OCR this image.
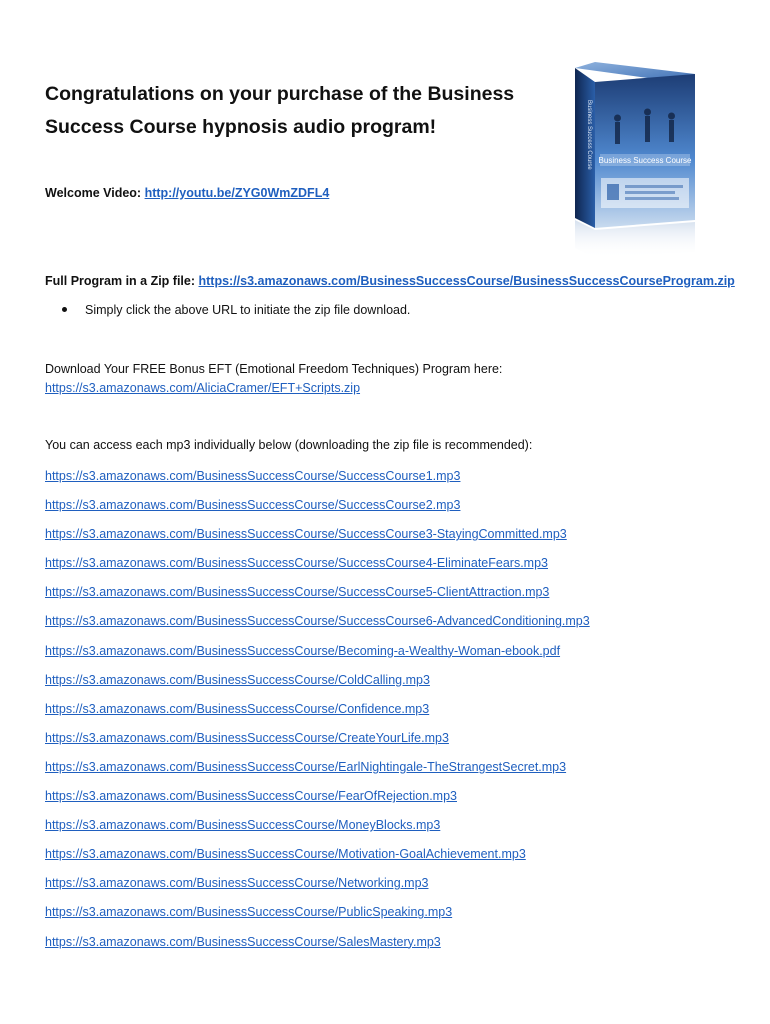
Congratulations on your purchase of the Business
Success Course hypnosis audio program!
Business Success Course
Business Success Course
Welcome Video: http://youtu.be/ZYG0WmZDFL4
Full Program in a Zip file: https://s3.amazonaws.com/BusinessSuccessCourse/BusinessSuccessCourseProgram.zip
Simply click the above URL to initiate the zip file download.
Download Your FREE Bonus EFT (Emotional Freedom Techniques) Program here:
https://s3.amazonaws.com/AliciaCramer/EFT+Scripts.zip
You can access each mp3 individually below (downloading the zip file is recommended):
https://s3.amazonaws.com/BusinessSuccessCourse/SuccessCourse1.mp3
https://s3.amazonaws.com/BusinessSuccessCourse/SuccessCourse2.mp3
https://s3.amazonaws.com/BusinessSuccessCourse/SuccessCourse3-StayingCommitted.mp3
https://s3.amazonaws.com/BusinessSuccessCourse/SuccessCourse4-EliminateFears.mp3
https://s3.amazonaws.com/BusinessSuccessCourse/SuccessCourse5-ClientAttraction.mp3
https://s3.amazonaws.com/BusinessSuccessCourse/SuccessCourse6-AdvancedConditioning.mp3
https://s3.amazonaws.com/BusinessSuccessCourse/Becoming-a-Wealthy-Woman-ebook.pdf
https://s3.amazonaws.com/BusinessSuccessCourse/ColdCalling.mp3
https://s3.amazonaws.com/BusinessSuccessCourse/Confidence.mp3
https://s3.amazonaws.com/BusinessSuccessCourse/CreateYourLife.mp3
https://s3.amazonaws.com/BusinessSuccessCourse/EarlNightingale-TheStrangestSecret.mp3
https://s3.amazonaws.com/BusinessSuccessCourse/FearOfRejection.mp3
https://s3.amazonaws.com/BusinessSuccessCourse/MoneyBlocks.mp3
https://s3.amazonaws.com/BusinessSuccessCourse/Motivation-GoalAchievement.mp3
https://s3.amazonaws.com/BusinessSuccessCourse/Networking.mp3
https://s3.amazonaws.com/BusinessSuccessCourse/PublicSpeaking.mp3
https://s3.amazonaws.com/BusinessSuccessCourse/SalesMastery.mp3
